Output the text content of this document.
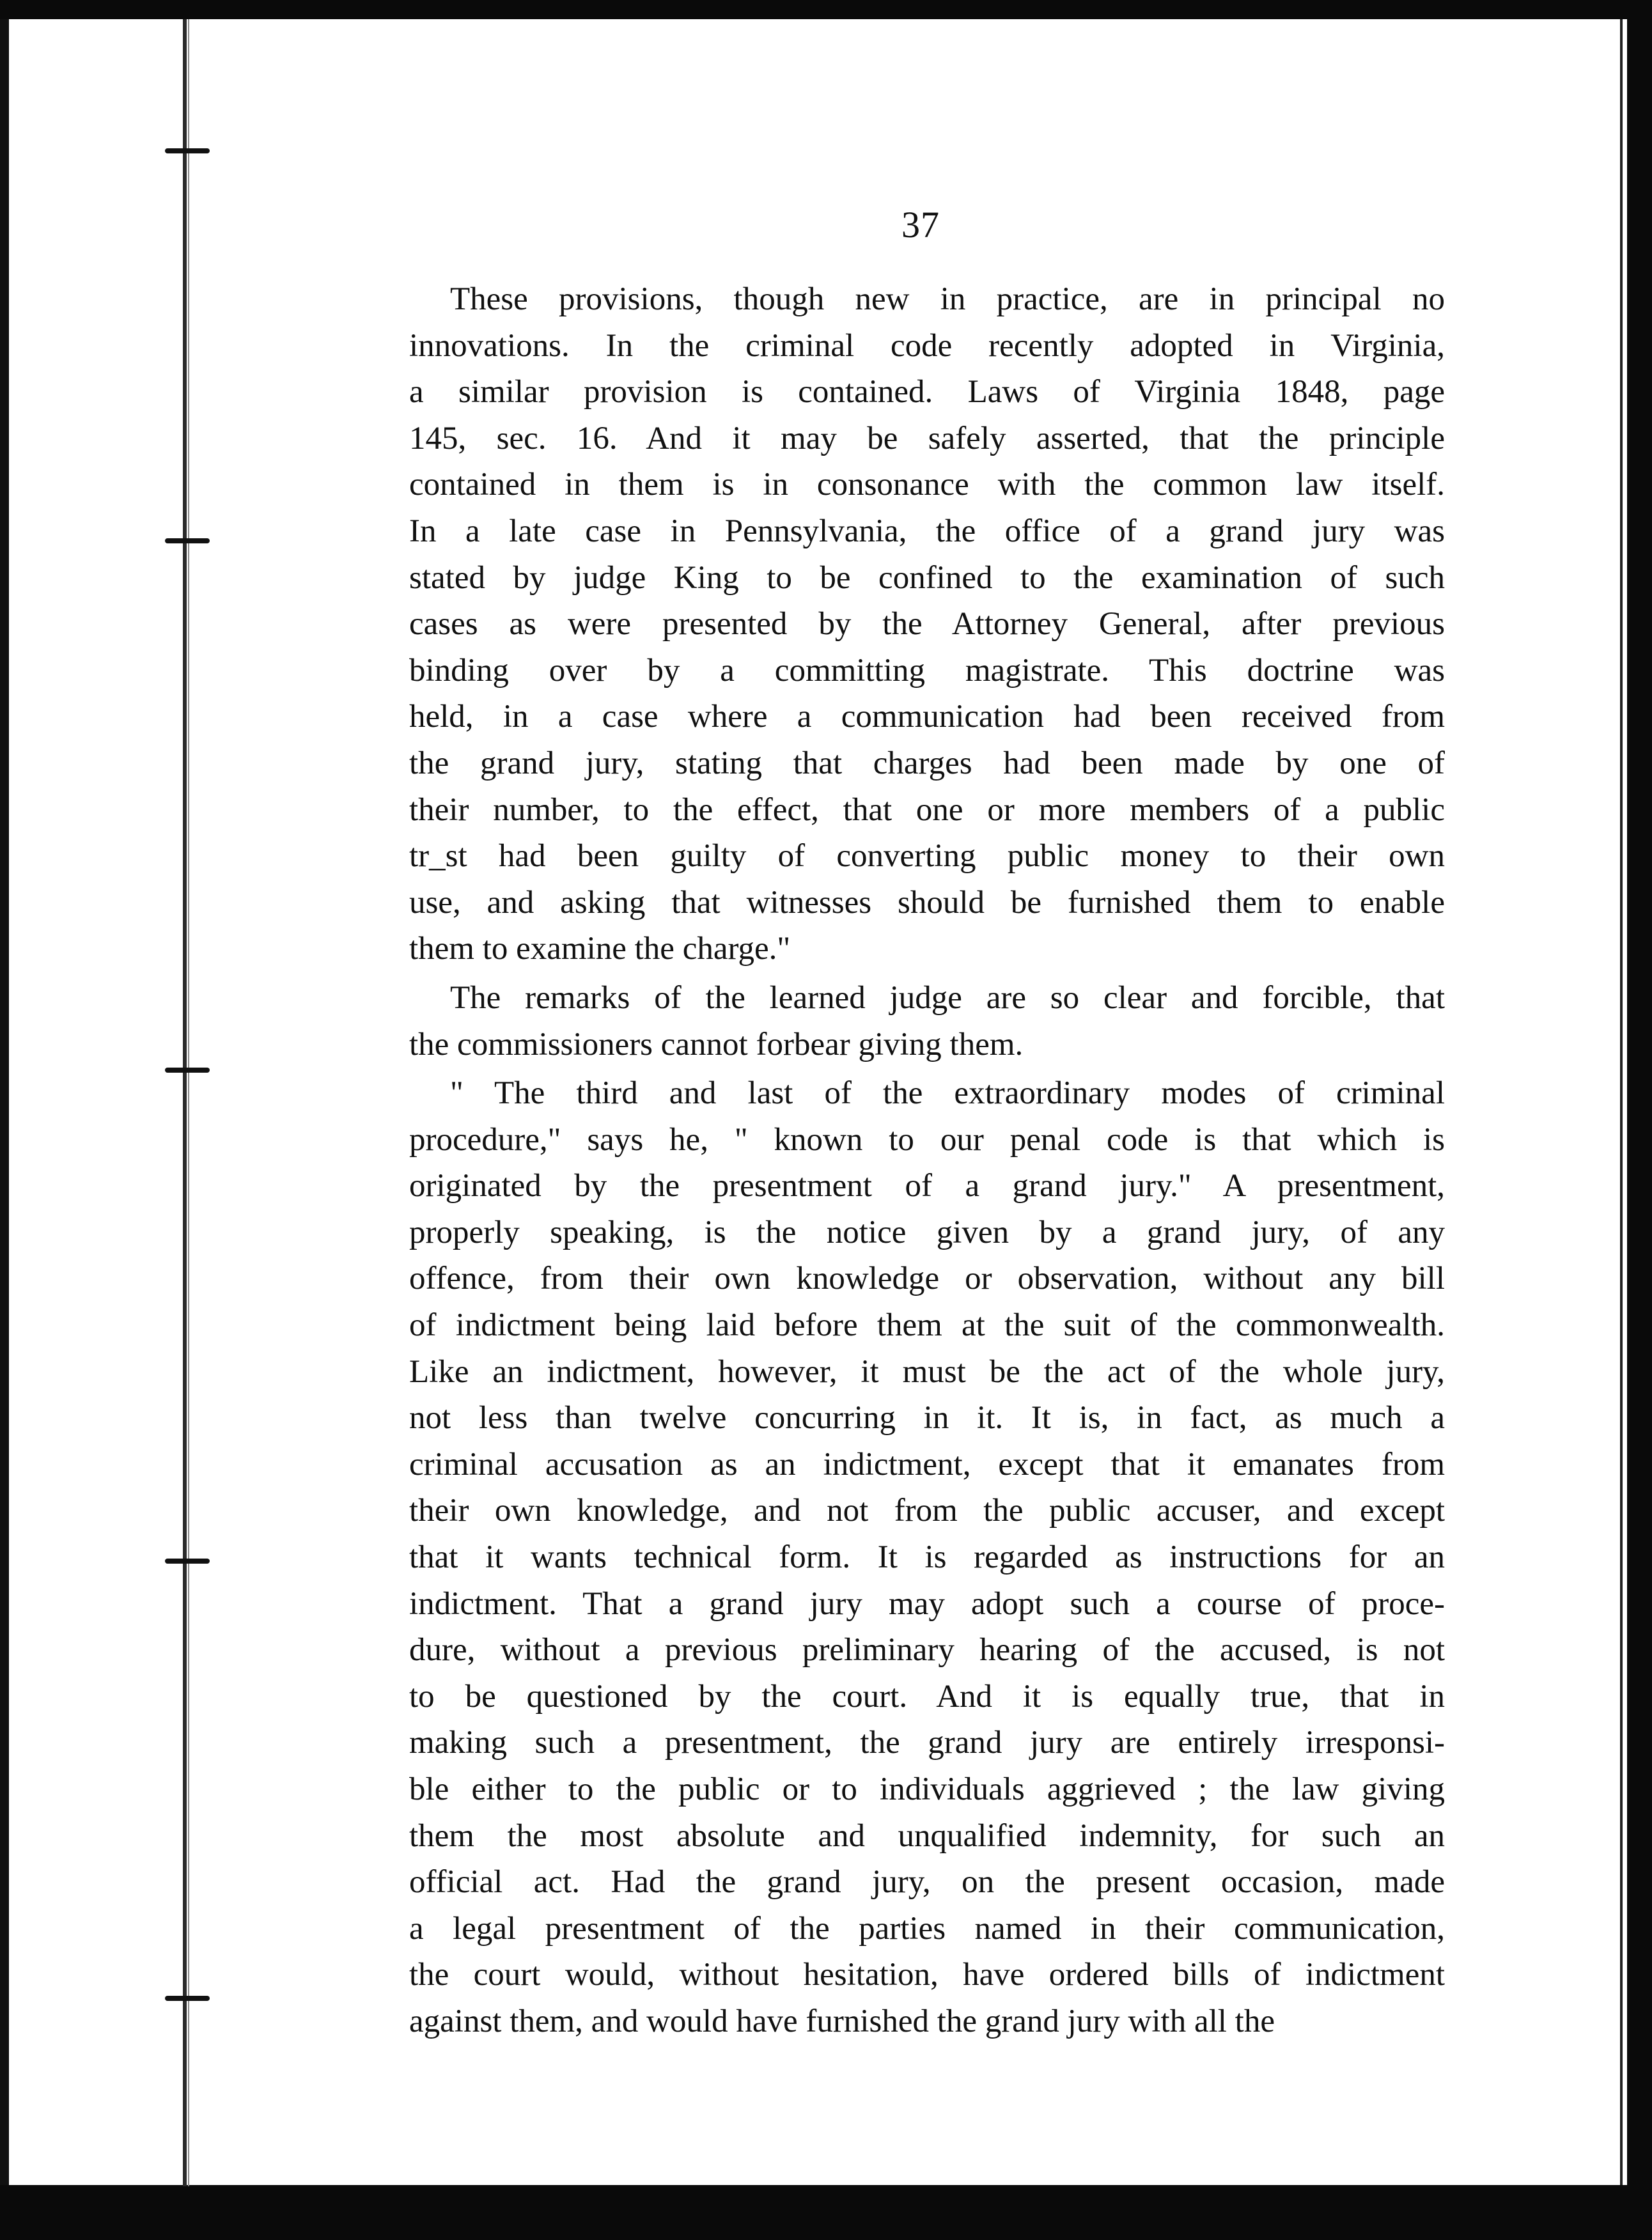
37
These provisions, though new in practice, are in principal no
innovations. In the criminal code recently adopted in Virginia,
a similar provision is contained. Laws of Virginia 1848, page
145, sec. 16. And it may be safely asserted, that the principle
contained in them is in consonance with the common law itself.
In a late case in Pennsylvania, the office of a grand jury was
stated by judge King to be confined to the examination of such
cases as were presented by the Attorney General, after previous
binding over by a committing magistrate. This doctrine was
held, in a case where a communication had been received from
the grand jury, stating that charges had been made by one of
their number, to the effect, that one or more members of a public
tr_st had been guilty of converting public money to their own
use, and asking that witnesses should be furnished them to enable
them to examine the charge."
The remarks of the learned judge are so clear and forcible, that
the commissioners cannot forbear giving them.
" The third and last of the extraordinary modes of criminal
procedure," says he, " known to our penal code is that which is
originated by the presentment of a grand jury." A presentment,
properly speaking, is the notice given by a grand jury, of any
offence, from their own knowledge or observation, without any bill
of indictment being laid before them at the suit of the commonwealth.
Like an indictment, however, it must be the act of the whole jury,
not less than twelve concurring in it. It is, in fact, as much a
criminal accusation as an indictment, except that it emanates from
their own knowledge, and not from the public accuser, and except
that it wants technical form. It is regarded as instructions for an
indictment. That a grand jury may adopt such a course of proce-
dure, without a previous preliminary hearing of the accused, is not
to be questioned by the court. And it is equally true, that in
making such a presentment, the grand jury are entirely irresponsi-
ble either to the public or to individuals aggrieved ; the law giving
them the most absolute and unqualified indemnity, for such an
official act. Had the grand jury, on the present occasion, made
a legal presentment of the parties named in their communication,
the court would, without hesitation, have ordered bills of indictment
against them, and would have furnished the grand jury with all the
